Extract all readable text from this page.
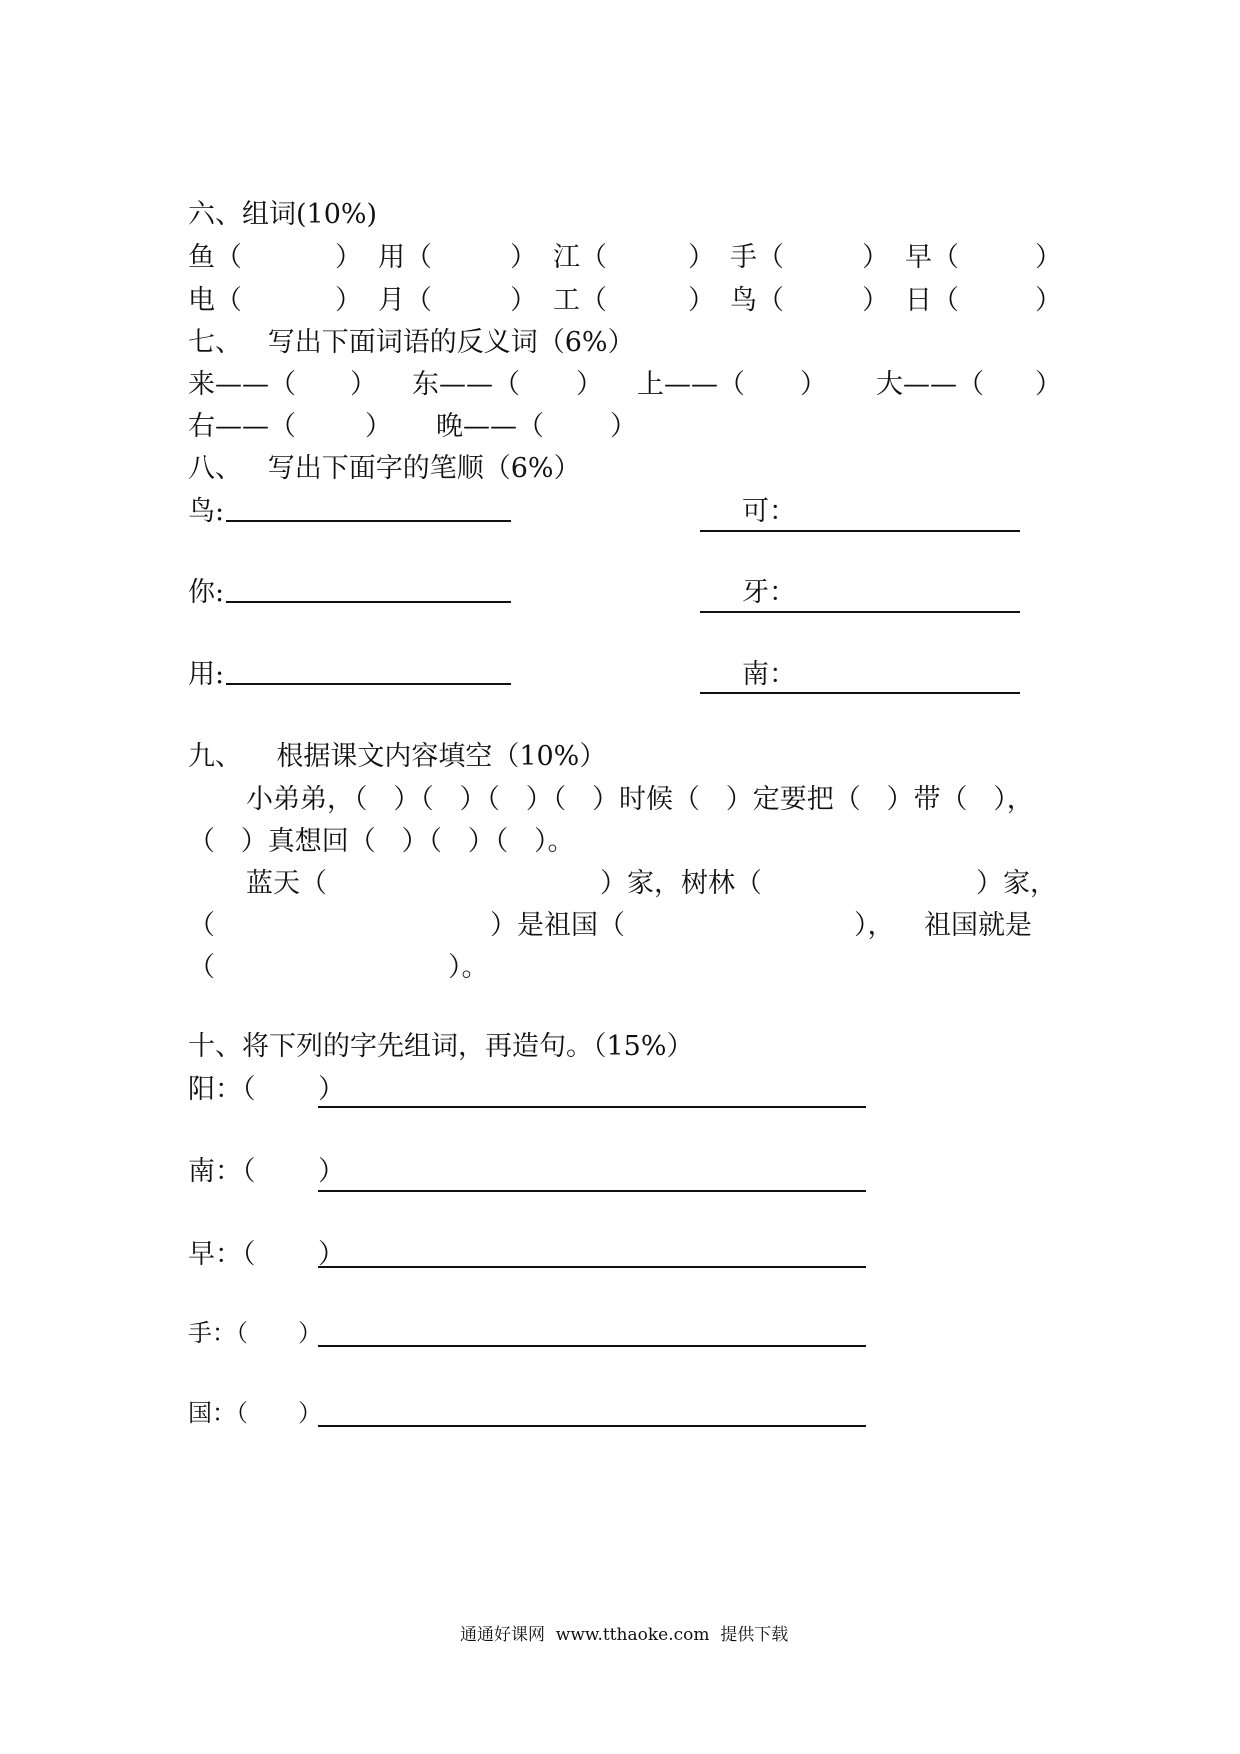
六、组词(10%)
鱼（	） 用（	） 江（	） 手（	） 早（	）
电（	） 月（	） 工（	） 鸟（	） 日（	）
七、   写出下面词语的反义词（6%）
来——（ ） 东——（ ） 上——（ ） 大——（ ）
右——（	） 晚——（ ）
八、   写出下面字的笔顺（6%）
鸟:	可：
你:	牙：
用:	南：
九、    根据课文内容填空（10%）
小弟弟，（   ）（   ）（   ）（   ）时候（   ）定要把（   ）带（   ），
（   ）真想回（   ）（   ）（   ）。
蓝天（	）家，树林（	）家，
（	）是祖国（	）， 祖国就是
（	）。
十、将下列的字先组词，再造句。（15%）
阳：（ ）
南：（ ）
早：（ ）
手：（ ）
国：（ ）
通通好课网  www.tthaoke.com  提供下载
